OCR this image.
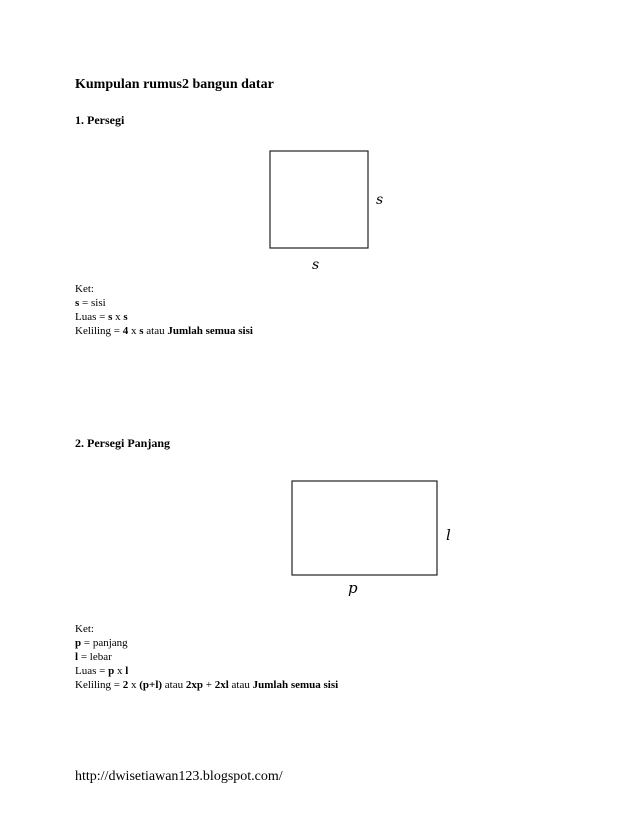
Kumpulan rumus2 bangun datar
1. Persegi
s
s
Ket:
s = sisi
Luas = s x s
Keliling = 4 x s atau Jumlah semua sisi
2. Persegi Panjang
l
p
Ket:
p = panjang
l = lebar
Luas = p x l
Keliling = 2 x (p+l) atau 2xp + 2xl atau Jumlah semua sisi
http://dwisetiawan123.blogspot.com/
